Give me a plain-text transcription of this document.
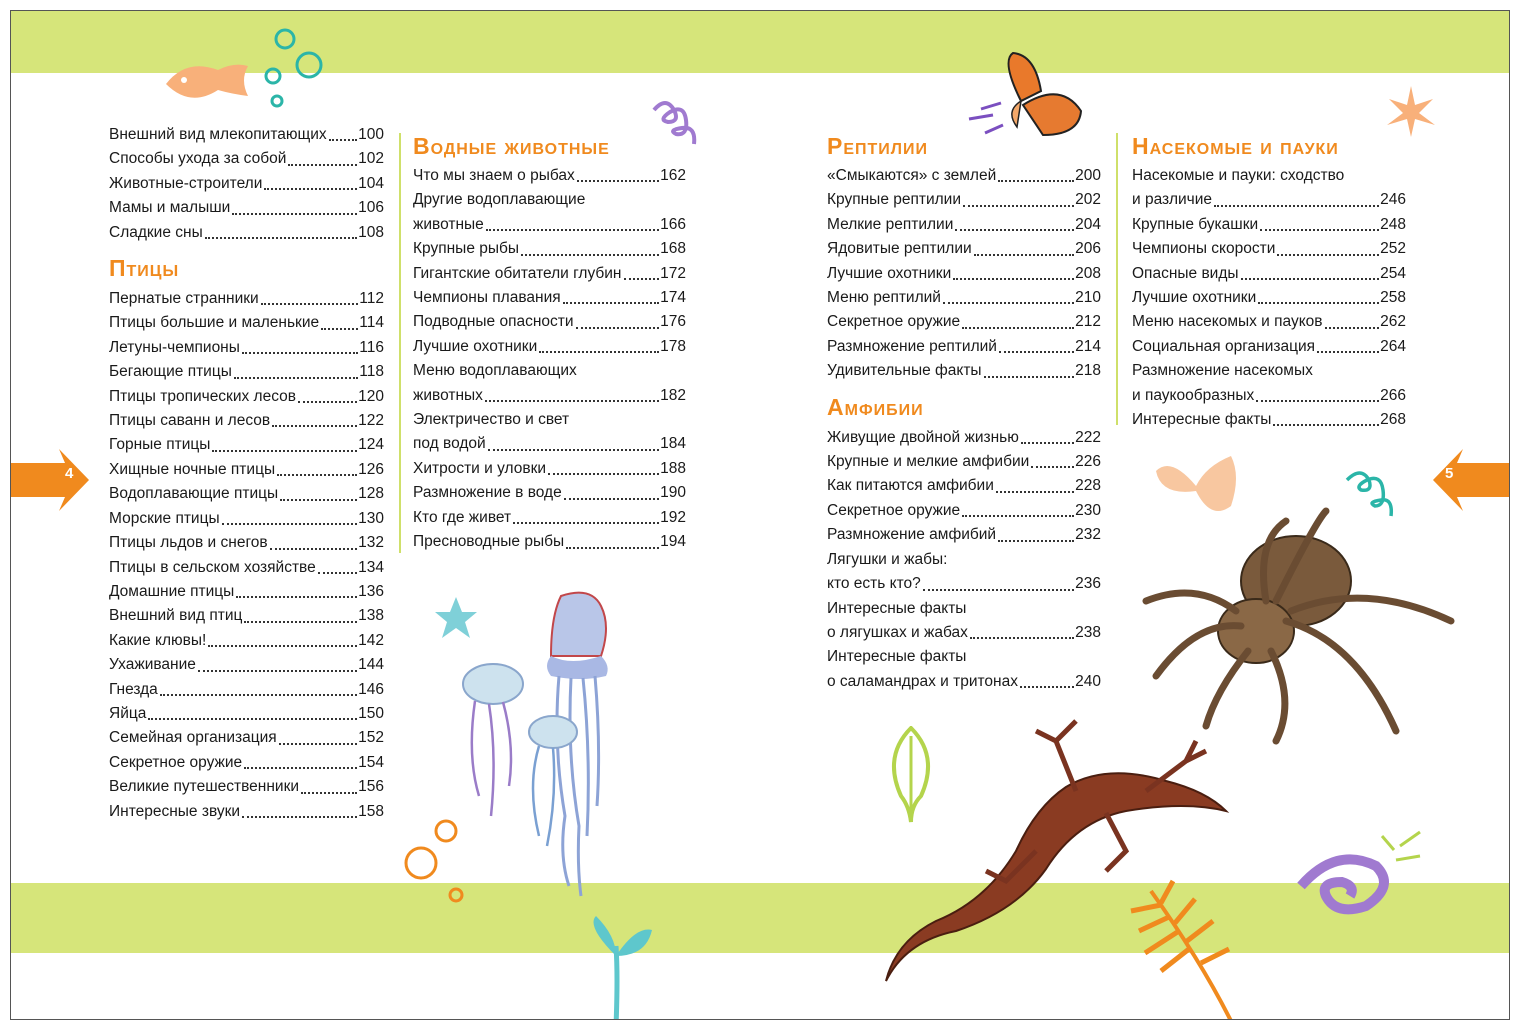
4	5
Внешний вид млекопитающих 100
Способы ухода за собой	102
Животные-строители	104
Мамы и малыши	106
Сладкие сны	108
Птицы
Пернатые странники	112
Птицы большие и маленькие	114
Летуны-чемпионы	116
Бегающие птицы	118
Птицы тропических лесов	120
Птицы саванн и лесов	122
Горные птицы	124
Хищные ночные птицы	126
Водоплавающие птицы	128
Морские птицы	130
Птицы льдов и снегов	132
Птицы в сельском хозяйстве	134
Домашние птицы	136
Внешний вид птиц	138
Какие клювы!	142
Ухаживание	144
Гнезда	146
Яйца	150
Семейная организация	152
Секретное оружие	154
Великие путешественники	156
Интересные звуки	158
Водные животные
Что мы знаем о рыбах	162
Другие водоплавающие
животные	166
Крупные рыбы	168
Гигантские обитатели глубин 172
Чемпионы плавания	174
Подводные опасности	176
Лучшие охотники	178
Меню водоплавающих
животных	182
Электричество и свет
под водой	184
Хитрости и уловки	188
Размножение в воде	190
Кто где живет	192
Пресноводные рыбы	194
Рептилии
«Смыкаются» с землей	200
Крупные рептилии	202
Мелкие рептилии	204
Ядовитые рептилии	206
Лучшие охотники	208
Меню рептилий	210
Секретное оружие	212
Размножение рептилий	214
Удивительные факты	218
Амфибии
Живущие двойной жизнью	222
Крупные и мелкие амфибии	226
Как питаются амфибии	228
Секретное оружие	230
Размножение амфибий	232
Лягушки и жабы:
кто есть кто?	236
Интересные факты
о лягушках и жабах	238
Интересные факты
о саламандрах и тритонах	240
Насекомые и пауки
Насекомые и пауки: сходство
и различие	246
Крупные букашки	248
Чемпионы скорости	252
Опасные виды	254
Лучшие охотники	258
Меню насекомых и пауков	262
Социальная организация	264
Размножение насекомых
и паукообразных	266
Интересные факты	268
